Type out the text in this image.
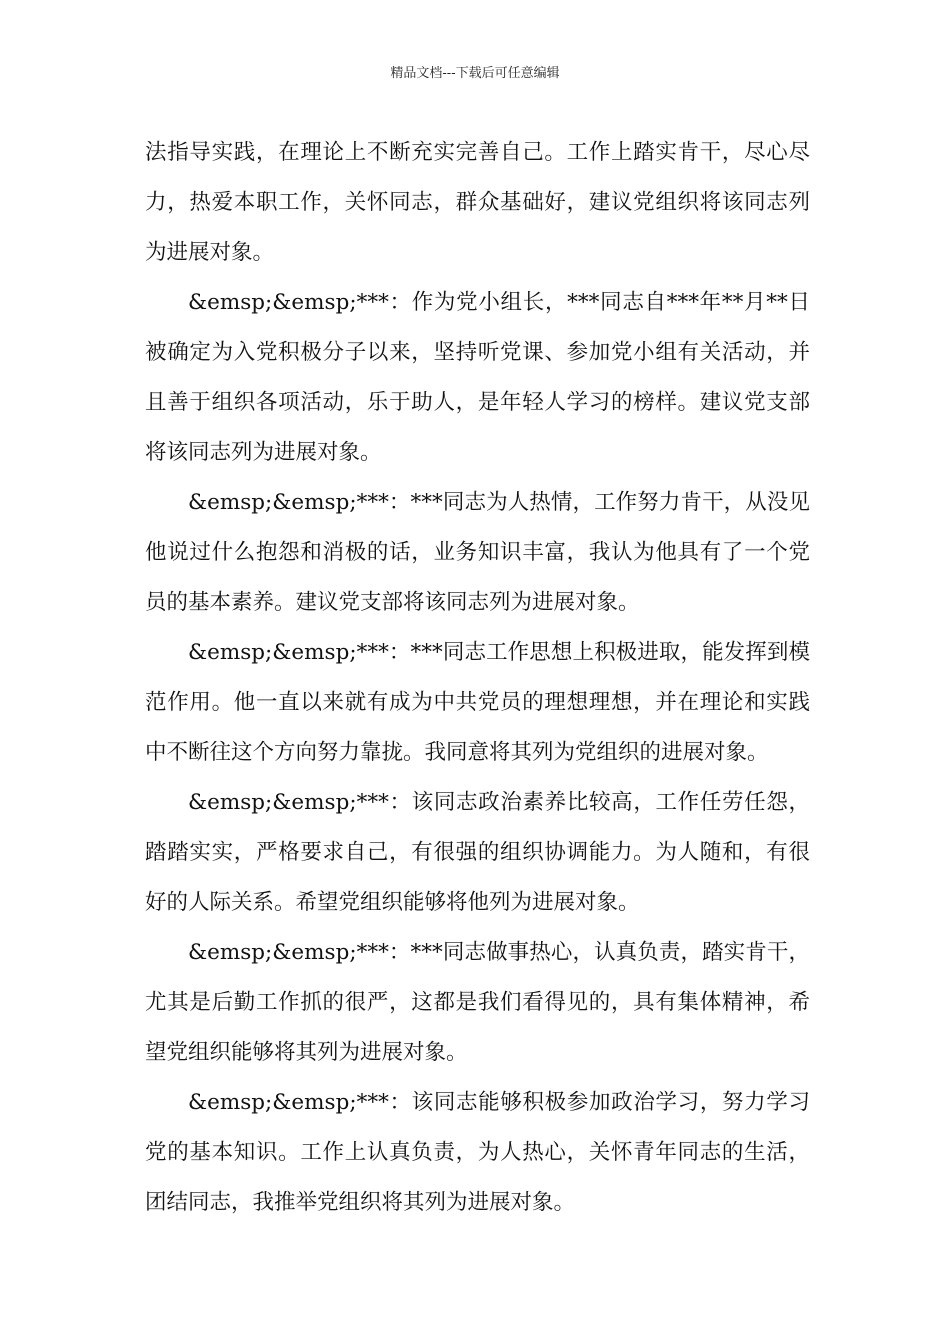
精品文档---下载后可任意编辑

法指导实践，在理论上不断充实完善自己。工作上踏实肯干，尽心尽力，热爱本职工作，关怀同志，群众基础好，建议党组织将该同志列为进展对象。

&emsp;&emsp;***：作为党小组长，***同志自***年**月**日被确定为入党积极分子以来，坚持听党课、参加党小组有关活动，并且善于组织各项活动，乐于助人，是年轻人学习的榜样。建议党支部将该同志列为进展对象。

&emsp;&emsp;***：***同志为人热情，工作努力肯干，从没见他说过什么抱怨和消极的话，业务知识丰富，我认为他具有了一个党员的基本素养。建议党支部将该同志列为进展对象。

&emsp;&emsp;***：***同志工作思想上积极进取，能发挥到模范作用。他一直以来就有成为中共党员的理想理想，并在理论和实践中不断往这个方向努力靠拢。我同意将其列为党组织的进展对象。

&emsp;&emsp;***：该同志政治素养比较高，工作任劳任怨，踏踏实实，严格要求自己，有很强的组织协调能力。为人随和，有很好的人际关系。希望党组织能够将他列为进展对象。

&emsp;&emsp;***：***同志做事热心，认真负责，踏实肯干，尤其是后勤工作抓的很严，这都是我们看得见的，具有集体精神，希望党组织能够将其列为进展对象。

&emsp;&emsp;***：该同志能够积极参加政治学习，努力学习党的基本知识。工作上认真负责，为人热心，关怀青年同志的生活，团结同志，我推举党组织将其列为进展对象。
